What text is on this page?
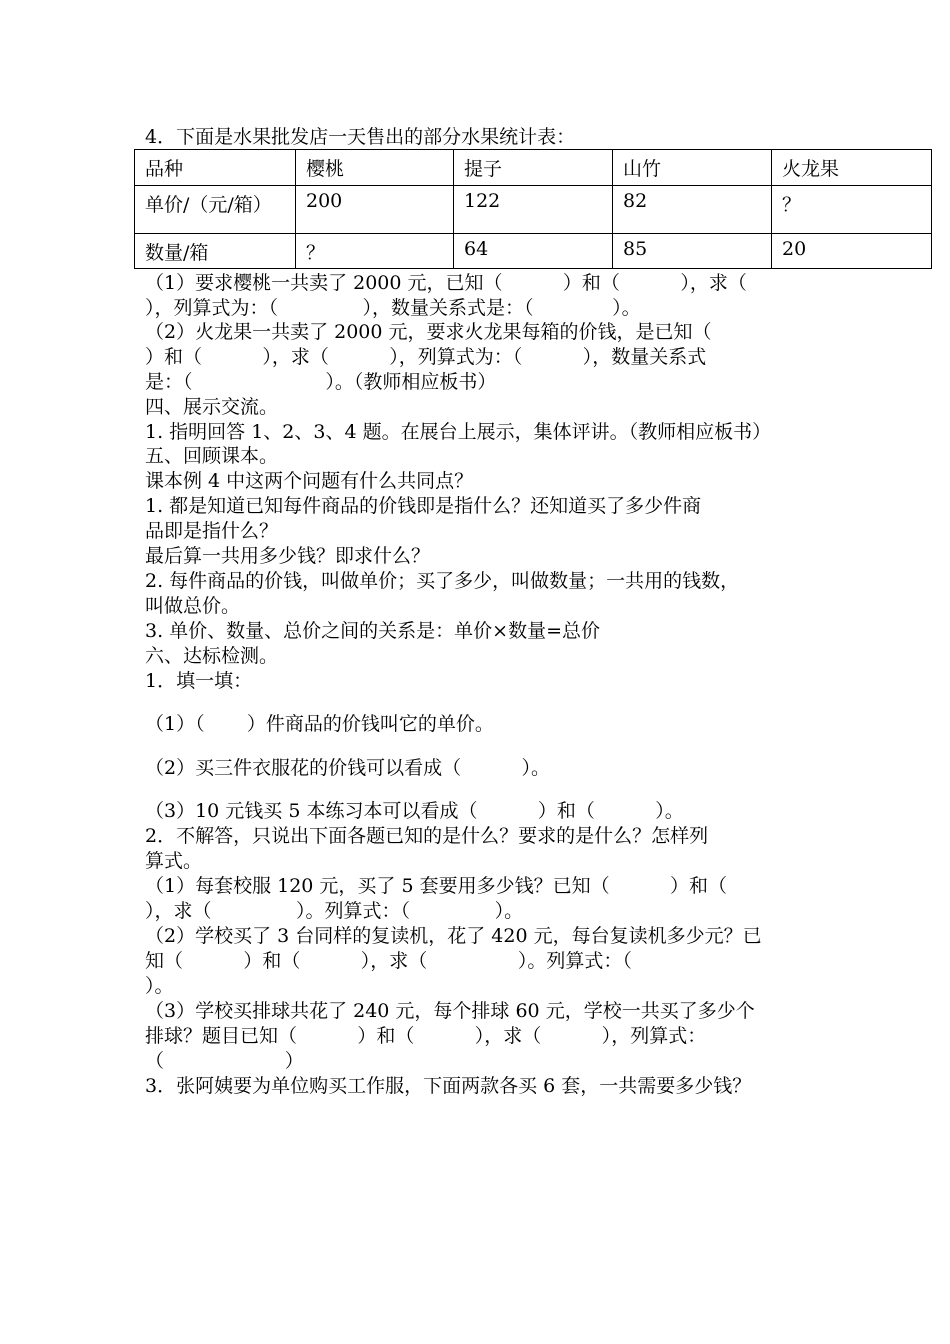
4．下面是水果批发店一天售出的部分水果统计表：
品种	樱桃	提子	山竹	火龙果
单价/（元/箱）	200	122	82	？
数量/箱	？	64	85	20
（1）要求樱桃一共卖了 2000 元，已知（          ）和（          ），求（
），列算式为：（              ），数量关系式是：（             ）。
（2）火龙果一共卖了 2000 元，要求火龙果每箱的价钱，是已知（
）和（          ），求（          ），列算式为：（          ），数量关系式
是：（                      ）。（教师相应板书）
四、展示交流。
1. 指明回答 1、2、3、4 题。在展台上展示，集体评讲。（教师相应板书）
五、回顾课本。
课本例 4 中这两个问题有什么共同点？
1. 都是知道已知每件商品的价钱即是指什么？还知道买了多少件商
品即是指什么？
最后算一共用多少钱？即求什么？
2. 每件商品的价钱，叫做单价；买了多少，叫做数量；一共用的钱数，
叫做总价。
3. 单价、数量、总价之间的关系是：单价×数量=总价
六、达标检测。
1．填一填：
（1）（       ）件商品的价钱叫它的单价。
（2）买三件衣服花的价钱可以看成（          ）。
（3）10 元钱买 5 本练习本可以看成（          ）和（          ）。
2．不解答，只说出下面各题已知的是什么？要求的是什么？怎样列
算式。
（1）每套校服 120 元，买了 5 套要用多少钱？已知（          ）和（
），求（              ）。列算式：（              ）。
（2）学校买了 3 台同样的复读机，花了 420 元，每台复读机多少元？已
知（          ）和（          ），求（               ）。列算式：（
）。
（3）学校买排球共花了 240 元，每个排球 60 元，学校一共买了多少个
排球？题目已知（          ）和（          ），求（          ），列算式：
（                    ）
3．张阿姨要为单位购买工作服，下面两款各买 6 套，一共需要多少钱？
